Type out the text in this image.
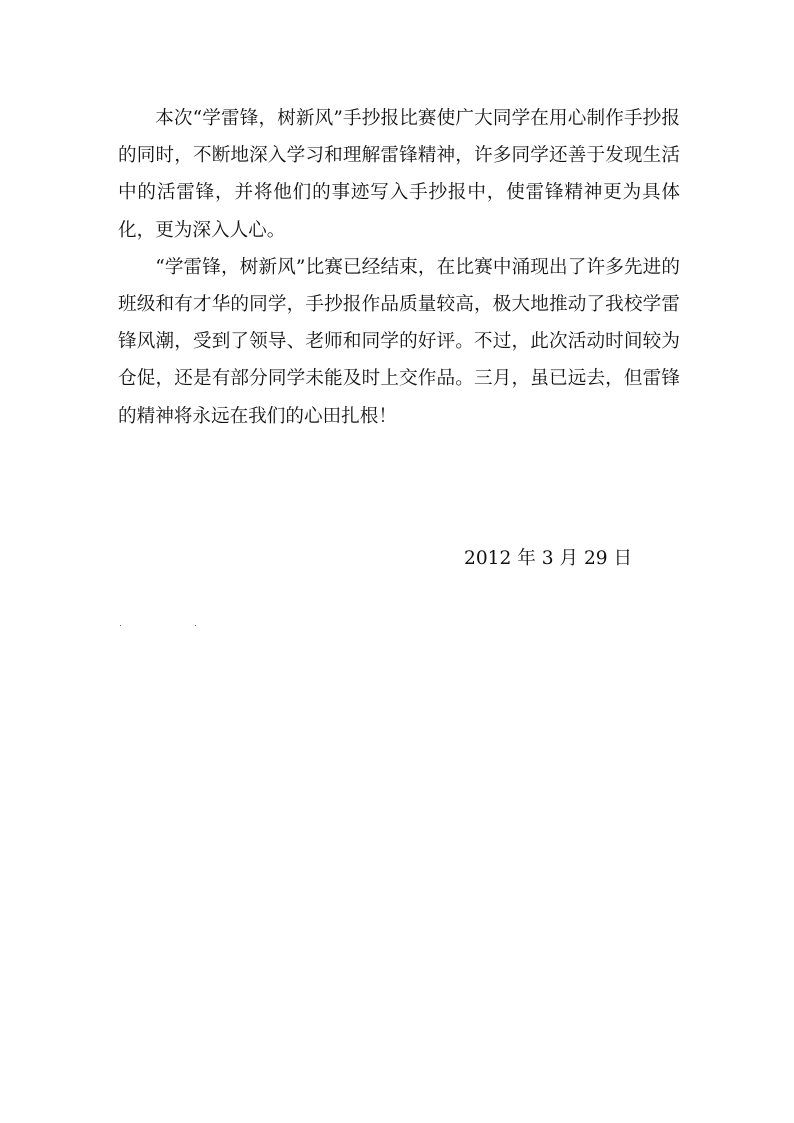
本次“学雷锋，树新风”手抄报比赛使广大同学在用心制作手抄报的同时，不断地深入学习和理解雷锋精神，许多同学还善于发现生活中的活雷锋，并将他们的事迹写入手抄报中，使雷锋精神更为具体化，更为深入人心。

“学雷锋，树新风”比赛已经结束，在比赛中涌现出了许多先进的班级和有才华的同学，手抄报作品质量较高，极大地推动了我校学雷锋风潮，受到了领导、老师和同学的好评。不过，此次活动时间较为仓促，还是有部分同学未能及时上交作品。三月，虽已远去，但雷锋的精神将永远在我们的心田扎根！

2012 年 3 月 29 日
